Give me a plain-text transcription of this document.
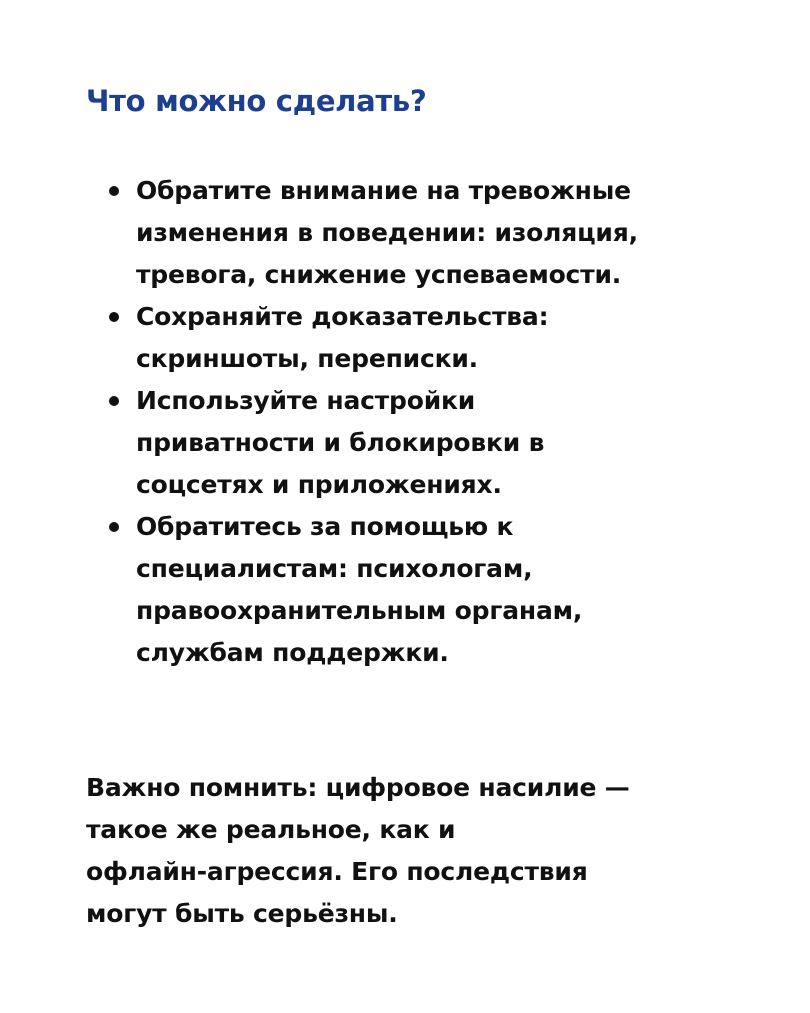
Что можно сделать?
Обратите внимание на тревожные
изменения в поведении: изоляция,
тревога, снижение успеваемости.
Сохраняйте доказательства:
скриншоты, переписки.
Используйте настройки
приватности и блокировки в
соцсетях и приложениях.
Обратитесь за помощью к
специалистам: психологам,
правоохранительным органам,
службам поддержки.

Важно помнить: цифровое насилие —
такое же реальное, как и
офлайн-агрессия. Его последствия
могут быть серьёзны.
